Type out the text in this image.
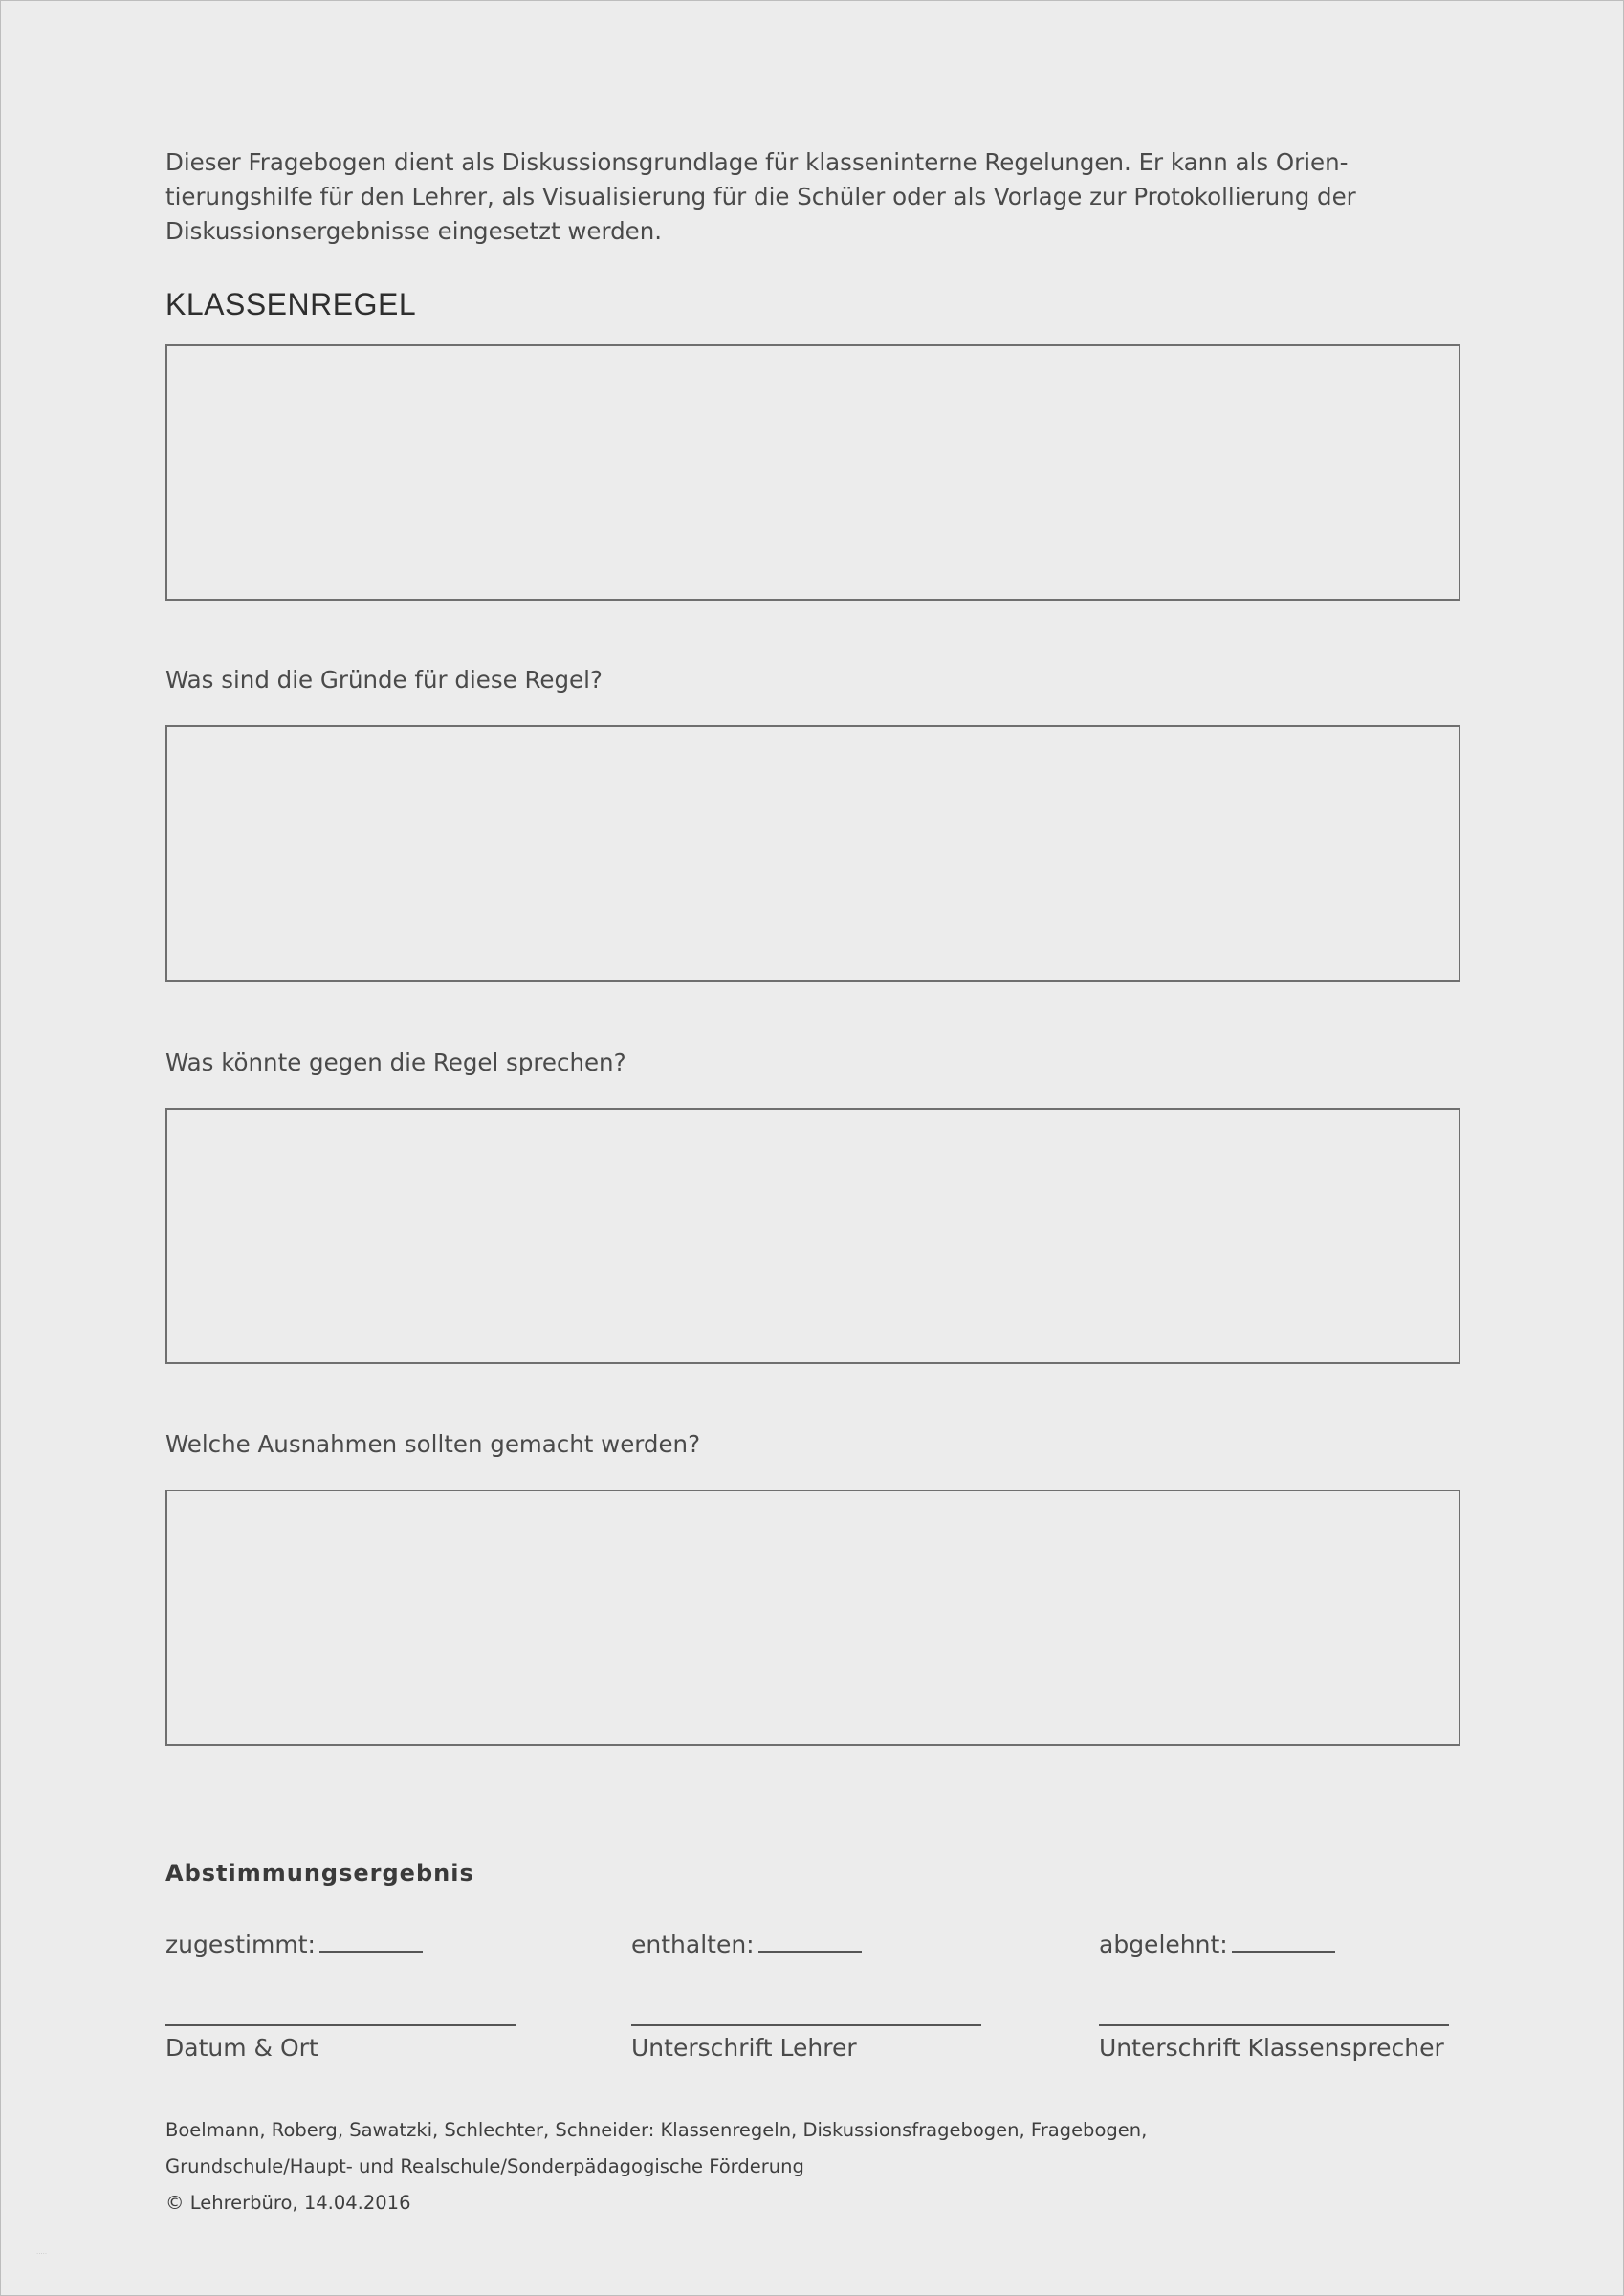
Dieser Fragebogen dient als Diskussionsgrundlage für klasseninterne Regelungen. Er kann als Orien-
tierungshilfe für den Lehrer, als Visualisierung für die Schüler oder als Vorlage zur Protokollierung der
Diskussionsergebnisse eingesetzt werden.
KLASSENREGEL
Was sind die Gründe für diese Regel?
Was könnte gegen die Regel sprechen?
Welche Ausnahmen sollten gemacht werden?
Abstimmungsergebnis
zugestimmt:	enthalten:	abgelehnt:
Datum & Ort	Unterschrift Lehrer	Unterschrift Klassensprecher
Boelmann, Roberg, Sawatzki, Schlechter, Schneider: Klassenregeln, Diskussionsfragebogen, Fragebogen,
Grundschule/Haupt- und Realschule/Sonderpädagogische Förderung
© Lehrerbüro, 14.04.2016
·····
